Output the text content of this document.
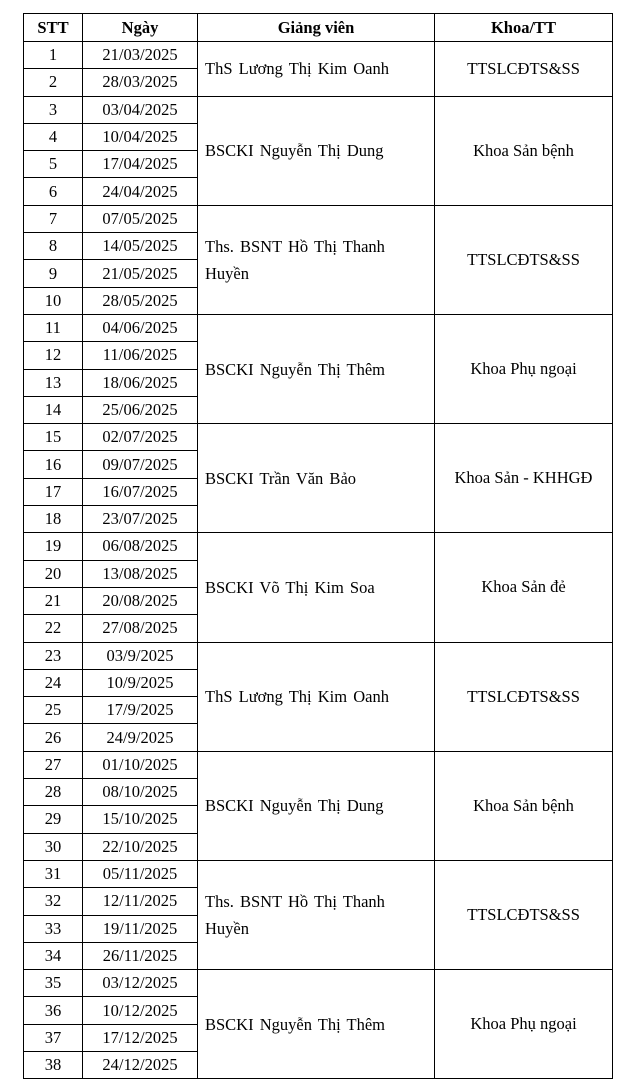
STT	Ngày	Giảng viên	Khoa/TT
1	21/03/2025	ThS Lương Thị Kim Oanh	TTSLCĐTS&SS
2	28/03/2025		
3	03/04/2025	BSCKI Nguyễn Thị Dung	Khoa Sản bệnh
4	10/04/2025		
5	17/04/2025		
6	24/04/2025		
7	07/05/2025	Ths. BSNT Hồ Thị Thanh Huyền	TTSLCĐTS&SS
8	14/05/2025		
9	21/05/2025		
10	28/05/2025		
11	04/06/2025	BSCKI Nguyễn Thị Thêm	Khoa Phụ ngoại
12	11/06/2025		
13	18/06/2025		
14	25/06/2025		
15	02/07/2025	BSCKI Trần Văn Bảo	Khoa Sản - KHHGĐ
16	09/07/2025		
17	16/07/2025		
18	23/07/2025		
19	06/08/2025	BSCKI Võ Thị Kim Soa	Khoa Sản đẻ
20	13/08/2025		
21	20/08/2025		
22	27/08/2025		
23	03/9/2025	ThS Lương Thị Kim Oanh	TTSLCĐTS&SS
24	10/9/2025		
25	17/9/2025		
26	24/9/2025		
27	01/10/2025	BSCKI Nguyễn Thị Dung	Khoa Sản bệnh
28	08/10/2025		
29	15/10/2025		
30	22/10/2025		
31	05/11/2025	Ths. BSNT Hồ Thị Thanh Huyền	TTSLCĐTS&SS
32	12/11/2025		
33	19/11/2025		
34	26/11/2025		
35	03/12/2025	BSCKI Nguyễn Thị Thêm	Khoa Phụ ngoại
36	10/12/2025		
37	17/12/2025		
38	24/12/2025		
